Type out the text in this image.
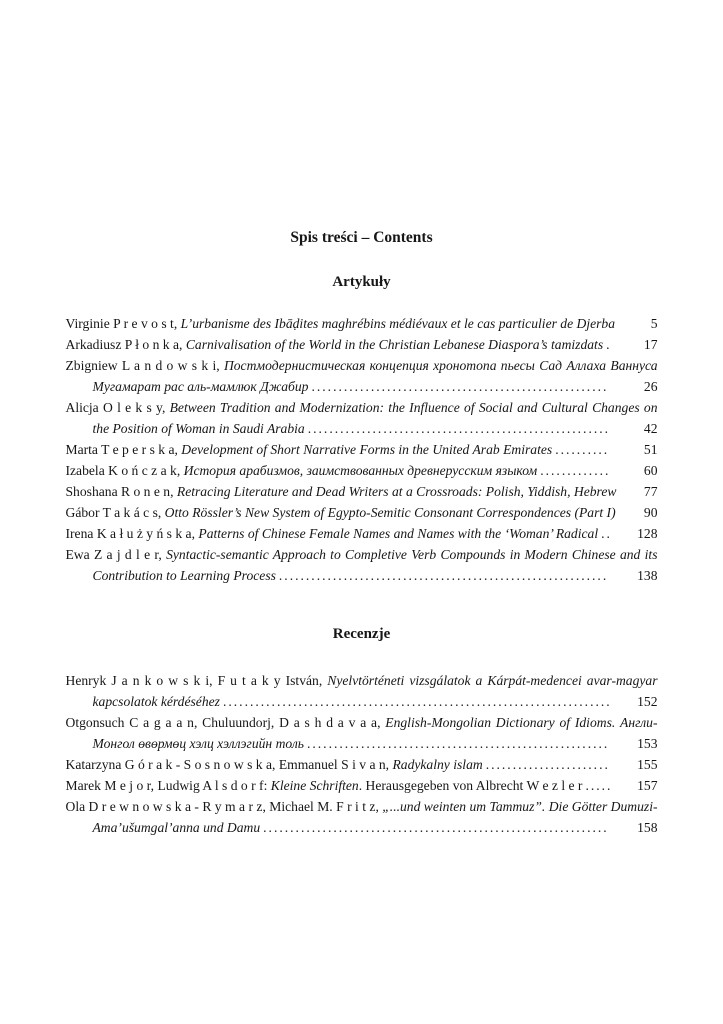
Spis treści – Contents
Artykuły

Virginie P r e v o s t, L’urbanisme des Ibāḍites maghrébins médiévaux et le cas particulier de Djerba	5

Arkadiusz P ł o n k a, Carnivalisation of the World in the Christian Lebanese Diaspora’s tamizdats . 17

Zbigniew L a n d o w s k i, Постмодернистическая концепция хронотопа пьесы Сад Аллаха Ваннуса Мугамарат рас аль-мамлюк Джабир .......................................................	26

Alicja O l e k s y, Between Tradition and Modernization: the Influence of Social and Cultural Changes on the Position of Woman in Saudi Arabia ........................................................ 42

Marta T e p e r s k a, Development of Short Narrative Forms in the United Arab Emirates ..........	51

Izabela K o ń c z a k, История арабизмов, заимствованных древнерусским языком ............. 60

Shoshana R o n e n, Retracing Literature and Dead Writers at a Crossroads: Polish, Yiddish, Hebrew 77

Gábor T a k á c s, Otto Rössler’s New System of Egypto-Semitic Consonant Correspondences (Part I) 90

Irena K a ł u ż y ń s k a, Patterns of Chinese Female Names and Names with the ‘Woman’ Radical .. 128

Ewa Z a j d l e r, Syntactic-semantic Approach to Completive Verb Compounds in Modern Chinese and its Contribution to Learning Process ............................................................. 138

Recenzje

Henryk J a n k o w s k i, F u t a k y István, Nyelvtörténeti vizsgálatok a Kárpát-medencei avar-magyar kapcsolatok kérdéséhez ........................................................................ 152

Otgonsuch C a g a a n, Chuluundorj, D a s h d a v a a, English-Mongolian Dictionary of Idioms. Англи-Монгол өвөрмөц хэлц хэллэгийн толь ........................................................ 153

Katarzyna G ó r a k - S o s n o w s k a, Emmanuel S i v a n, Radykalny islam ....................... 155

Marek M e j o r, Ludwig A l s d o r f: Kleine Schriften. Herausgegeben von Albrecht W e z l e r ..... 157

Ola D r e w n o w s k a - R y m a r z, Michael M. F r i t z, „...und weinten um Tammuz”. Die Götter Dumuzi-Ama’ušumgal’anna und Damu ................................................................ 158
